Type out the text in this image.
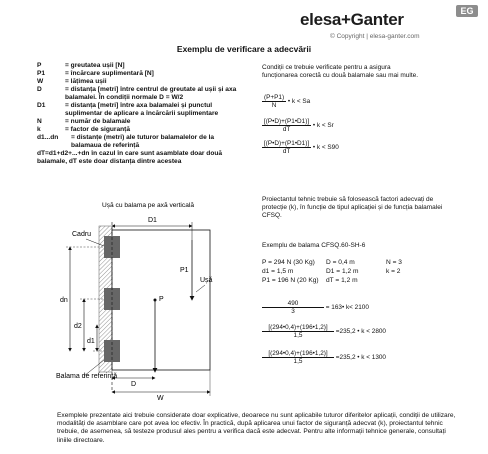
elesa+Ganter	EG
© Copyright | elesa-ganter.com
Exemplu de verificare a adecvării
P	= greutatea ușii [N]
P1	= încărcare suplimentară [N]
W	= lățimea ușii
D	= distanța [metri] între centrul de greutate al ușii și axa balamalei. În condiții normale D = W/2
D1	= distanța [metri] între axa balamalei și punctul suplimentar de aplicare a încărcării suplimentare
N	= număr de balamale
k	= factor de siguranță
d1...dn = distanțe (metri) ale tuturor balamalelor de la balamaua de referință
dT=d1+d2+...+dn în cazul în care sunt asamblate doar două balamale, dT este doar distanța dintre acestea
Condiții ce trebuie verificate pentru a asigura funcționarea corectă cu două balamale sau mai multe.
$\frac{(P+P1)}{N}$ • k < Sa
$\frac{[(P•D)+(P1•D1)]}{dT}$ • k < Sr
$\frac{[(P•D)+(P1•D1)]}{dT}$ • k < S90
Proiectantul tehnic trebuie să folosească factori adecvați de protecție (k), în funcție de tipul aplicației și de funcția balamalei CFSQ.
Exemplu de balama CFSQ.60-SH-6
P = 294 N (30 Kg) D = 0,4 m	N = 3
d1 = 1,5 m	D1 = 1,2 m	k = 2
P1 = 196 N (20 Kg) dT = 1,2 m
$\frac{490}{3}$ = 163• k< 2100
$\frac{[(294•0,4)+(196•1,2)]}{1,5} =235,2$ • k < 2800
$\frac{[(294•0,4)+(196•1,2)]}{1,5} =235,2$ • k < 1300
Ușă cu balama pe axă verticală
D1
P1
Ușă
P
Cadru
dn
d2
d1
Balama de referință
D
W
Exemplele prezentate aici trebuie considerate doar explicative, deoarece nu sunt aplicabile tuturor diferitelor aplicații, condiții de utilizare, modalități de asamblare care pot avea loc efectiv. În practică, după aplicarea unui factor de siguranță adecvat (k), proiectantul tehnic trebuie, de asemenea, să testeze produsul ales pentru a verifica dacă este adecvat. Pentru alte informații tehnice generale, consultați liniile directoare.
